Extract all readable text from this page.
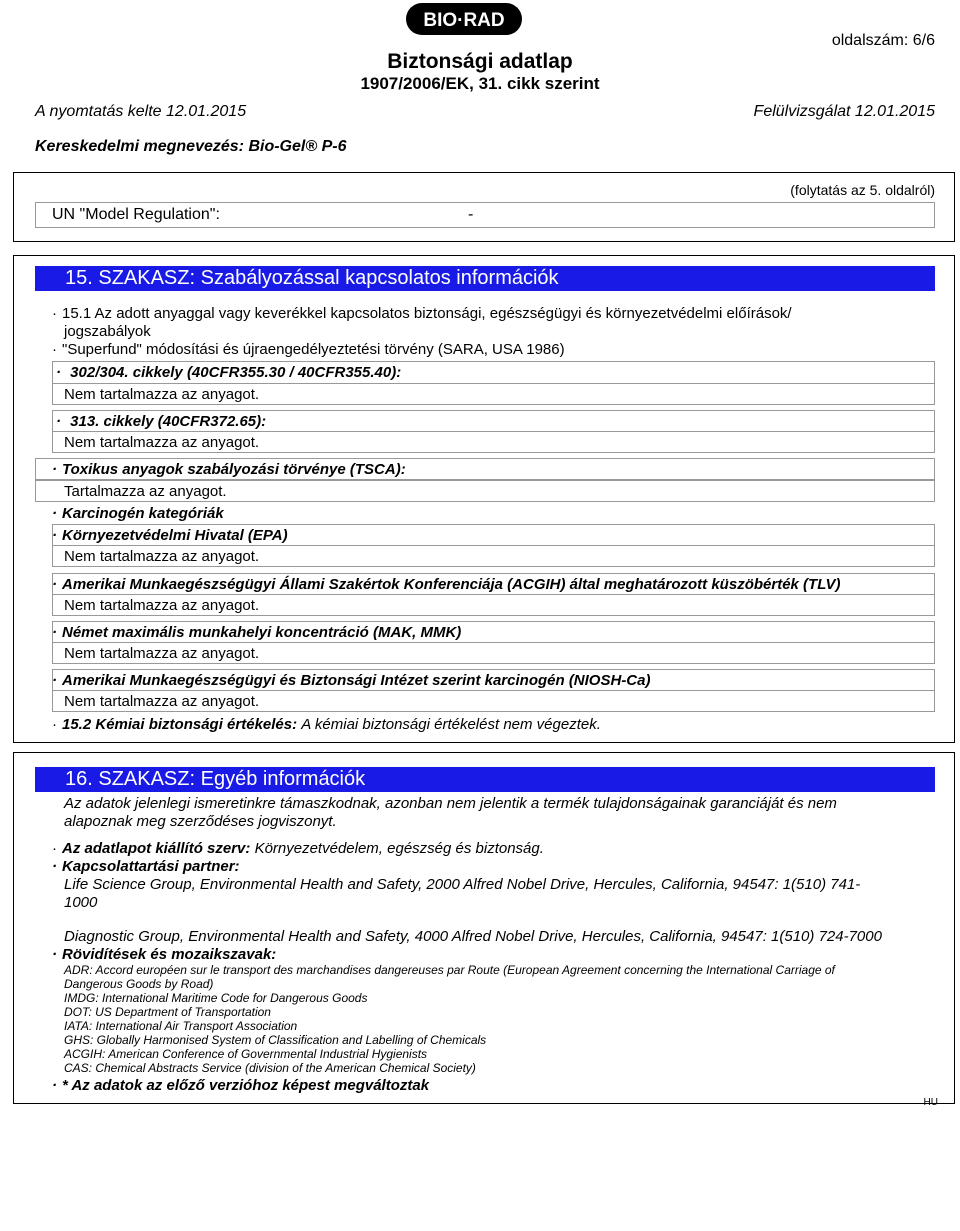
BIO·RAD
oldalszám: 6/6
Biztonsági adatlap
1907/2006/EK, 31. cikk szerint
A nyomtatás kelte 12.01.2015	Felülvizsgálat 12.01.2015
Kereskedelmi megnevezés: Bio-Gel® P-6
(folytatás az 5. oldalról)
UN "Model Regulation":	-
15. SZAKASZ: Szabályozással kapcsolatos információk
· 15.1 Az adott anyaggal vagy keverékkel kapcsolatos biztonsági, egészségügyi és környezetvédelmi előírások/
jogszabályok
· "Superfund" módosítási és újraengedélyeztetési törvény (SARA, USA 1986)
· 302/304. cikkely (40CFR355.30 / 40CFR355.40):
Nem tartalmazza az anyagot.
· 313. cikkely (40CFR372.65):
Nem tartalmazza az anyagot.
· Toxikus anyagok szabályozási törvénye (TSCA):
Tartalmazza az anyagot.
· Karcinogén kategóriák
· Környezetvédelmi Hivatal (EPA)
Nem tartalmazza az anyagot.
· Amerikai Munkaegészségügyi Állami Szakértok Konferenciája (ACGIH) által meghatározott küszöbérték (TLV)
Nem tartalmazza az anyagot.
· Német maximális munkahelyi koncentráció (MAK, MMK)
Nem tartalmazza az anyagot.
· Amerikai Munkaegészségügyi és Biztonsági Intézet szerint karcinogén (NIOSH-Ca)
Nem tartalmazza az anyagot.
· 15.2 Kémiai biztonsági értékelés: A kémiai biztonsági értékelést nem végeztek.
16. SZAKASZ: Egyéb információk
Az adatok jelenlegi ismeretinkre támaszkodnak, azonban nem jelentik a termék tulajdonságainak garanciáját és nem
alapoznak meg szerződéses jogviszonyt.
· Az adatlapot kiállító szerv: Környezetvédelem, egészség és biztonság.
· Kapcsolattartási partner:
Life Science Group, Environmental Health and Safety, 2000 Alfred Nobel Drive, Hercules, California, 94547: 1(510) 741-
1000
Diagnostic Group, Environmental Health and Safety, 4000 Alfred Nobel Drive, Hercules, California, 94547: 1(510) 724-7000
· Rövidítések és mozaikszavak:
ADR: Accord européen sur le transport des marchandises dangereuses par Route (European Agreement concerning the International Carriage of
Dangerous Goods by Road)
IMDG: International Maritime Code for Dangerous Goods
DOT: US Department of Transportation
IATA: International Air Transport Association
GHS: Globally Harmonised System of Classification and Labelling of Chemicals
ACGIH: American Conference of Governmental Industrial Hygienists
CAS: Chemical Abstracts Service (division of the American Chemical Society)
· * Az adatok az előző verzióhoz képest megváltoztak
HU
